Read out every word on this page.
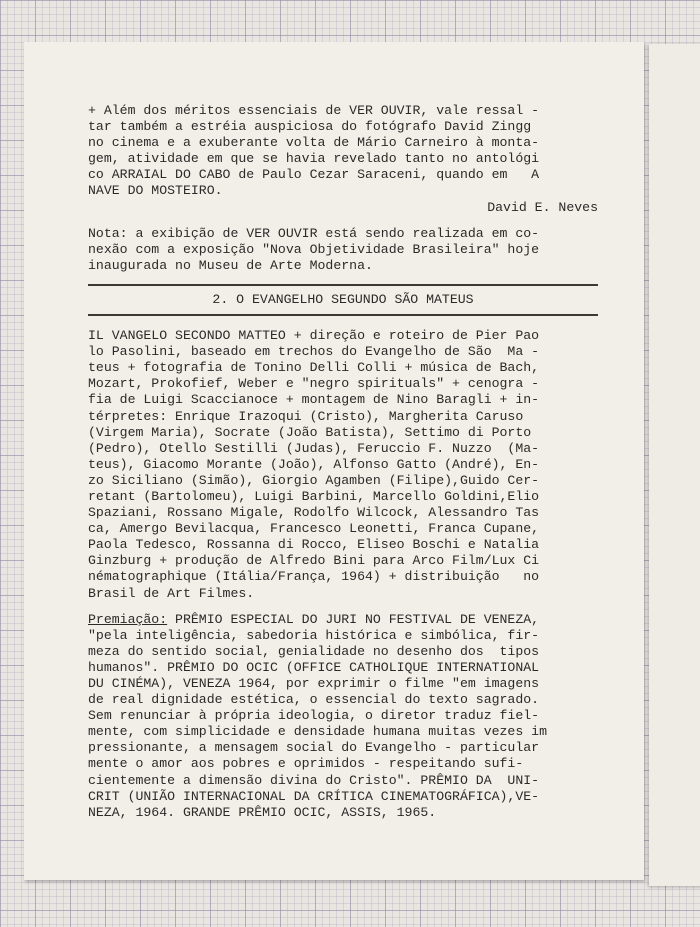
+ Além dos méritos essenciais de VER OUVIR, vale ressal -
tar também a estréia auspiciosa do fotógrafo David Zingg
no cinema e a exuberante volta de Mário Carneiro à monta-
gem, atividade em que se havia revelado tanto no antológi
co ARRAIAL DO CABO de Paulo Cezar Saraceni, quando em   A
NAVE DO MOSTEIRO.
David E. Neves
Nota: a exibição de VER OUVIR está sendo realizada em co-
nexão com a exposição "Nova Objetividade Brasileira" hoje
inaugurada no Museu de Arte Moderna.
2. O EVANGELHO SEGUNDO SÃO MATEUS
IL VANGELO SECONDO MATTEO + direção e roteiro de Pier Pao
lo Pasolini, baseado em trechos do Evangelho de São  Ma -
teus + fotografia de Tonino Delli Colli + música de Bach,
Mozart, Prokofief, Weber e "negro spirituals" + cenogra -
fia de Luigi Scaccianoce + montagem de Nino Baragli + in-
térpretes: Enrique Irazoqui (Cristo), Margherita Caruso
(Virgem Maria), Socrate (João Batista), Settimo di Porto
(Pedro), Otello Sestilli (Judas), Feruccio F. Nuzzo  (Ma-
teus), Giacomo Morante (João), Alfonso Gatto (André), En-
zo Siciliano (Simão), Giorgio Agamben (Filipe),Guido Cer-
retant (Bartolomeu), Luigi Barbini, Marcello Goldini,Elio
Spaziani, Rossano Migale, Rodolfo Wilcock, Alessandro Tas
ca, Amergo Bevilacqua, Francesco Leonetti, Franca Cupane,
Paola Tedesco, Rossanna di Rocco, Eliseo Boschi e Natalia
Ginzburg + produção de Alfredo Bini para Arco Film/Lux Ci
nématographique (Itália/França, 1964) + distribuição   no
Brasil de Art Filmes.
Premiação: PRÊMIO ESPECIAL DO JURI NO FESTIVAL DE VENEZA,
"pela inteligência, sabedoria histórica e simbólica, fir-
meza do sentido social, genialidade no desenho dos  tipos
humanos". PRÊMIO DO OCIC (OFFICE CATHOLIQUE INTERNATIONAL
DU CINÉMA), VENEZA 1964, por exprimir o filme "em imagens
de real dignidade estética, o essencial do texto sagrado.
Sem renunciar à própria ideologia, o diretor traduz fiel-
mente, com simplicidade e densidade humana muitas vezes im
pressionante, a mensagem social do Evangelho - particular
mente o amor aos pobres e oprimidos - respeitando sufi-
cientemente a dimensão divina do Cristo". PRÊMIO DA  UNI-
CRIT (UNIÃO INTERNACIONAL DA CRÍTICA CINEMATOGRÁFICA),VE-
NEZA, 1964. GRANDE PRÊMIO OCIC, ASSIS, 1965.
